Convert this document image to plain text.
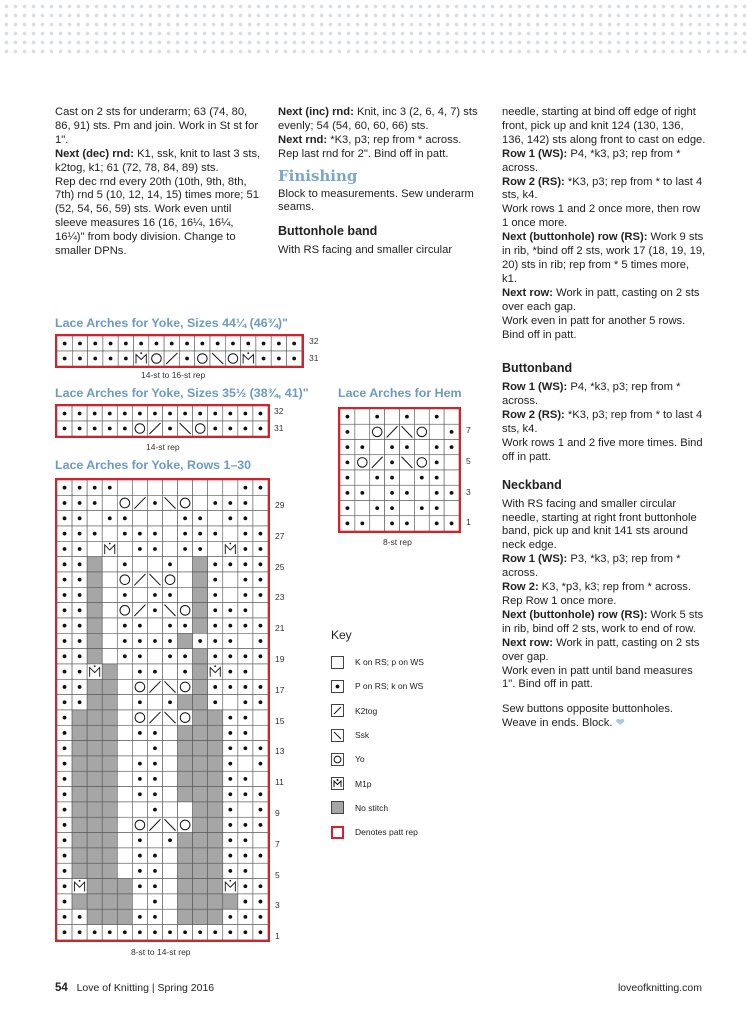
Cast on 2 sts for underarm; 63 (74, 80, 86, 91) sts. Pm and join. Work in St st for 1".

Next (dec) rnd: K1, ssk, knit to last 3 sts, k2tog, k1; 61 (72, 78, 84, 89) sts.

Rep dec rnd every 20th (10th, 9th, 8th, 7th) rnd 5 (10, 12, 14, 15) times more; 51 (52, 54, 56, 59) sts. Work even until sleeve measures 16 (16, 16¼, 16¼, 16¼)" from body division. Change to smaller DPNs.

Next (inc) rnd: Knit, inc 3 (2, 6, 4, 7) sts evenly; 54 (54, 60, 60, 66) sts.

Next rnd: *K3, p3; rep from * across.

Rep last rnd for 2". Bind off in patt.

Finishing

Block to measurements. Sew underarm seams.

Buttonhole band

With RS facing and smaller circular

needle, starting at bind off edge of right front, pick up and knit 124 (130, 136, 136, 142) sts along front to cast on edge.

Row 1 (WS): P4, *k3, p3; rep from * across.

Row 2 (RS): *K3, p3; rep from * to last 4 sts, k4.

Work rows 1 and 2 once more, then row 1 once more.

Next (buttonhole) row (RS): Work 9 sts in rib, *bind off 2 sts, work 17 (18, 19, 19, 20) sts in rib; rep from * 5 times more, k1.

Next row: Work in patt, casting on 2 sts over each gap.

Work even in patt for another 5 rows. Bind off in patt.

Buttonband

Row 1 (WS): P4, *k3, p3; rep from * across.

Row 2 (RS): *K3, p3; rep from * to last 4 sts, k4.

Work rows 1 and 2 five more times. Bind off in patt.

Neckband

With RS facing and smaller circular needle, starting at right front buttonhole band, pick up and knit 141 sts around neck edge.

Row 1 (WS): P3, *k3, p3; rep from * across.

Row 2: K3, *p3, k3; rep from * across.

Rep Row 1 once more.

Next (buttonhole) row (RS): Work 5 sts in rib, bind off 2 sts, work to end of row.

Next row: Work in patt, casting on 2 sts over gap.

Work even in patt until band measures 1". Bind off in patt.

Sew buttons opposite buttonholes. Weave in ends. Block. ❤

Lace Arches for Yoke, Sizes 44¼ (46¾)"
Lace Arches for Yoke, Sizes 35½ (38¾, 41)" Lace Arches for Hem
Lace Arches for Yoke, Rows 1–30
32
31
14-st to 16-st rep
32
31
14-st rep
7
5
3
1
8-st rep
29
27
25
23
21
19
17
15
13
11
9
7
5
3
1
8-st to 14-st rep
Key
K on RS; p on WS
P on RS; k on WS
K2tog
Ssk
Yo
M1p
No stitch
Denotes patt rep
54 Love of Knitting | Spring 2016	loveofknitting.com
